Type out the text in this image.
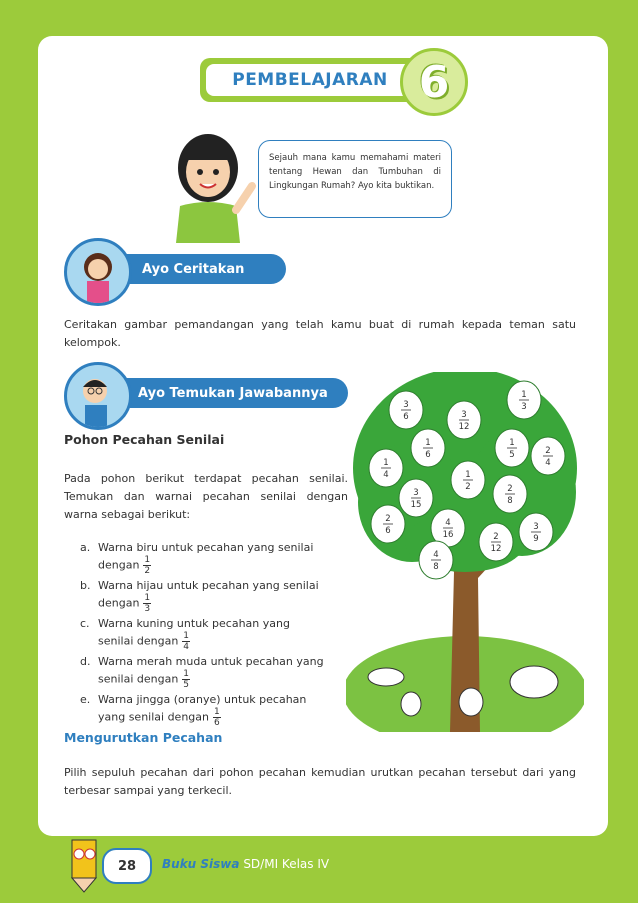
PEMBELAJARAN 6
Sejauh mana kamu memahami materi tentang Hewan dan Tumbuhan di Lingkungan Rumah? Ayo kita buktikan.
Ayo Ceritakan
Ceritakan gambar pemandangan yang telah kamu buat di rumah kepada teman satu kelompok.
Ayo Temukan Jawabannya
Pohon Pecahan Senilai
Pada pohon berikut terdapat pecahan senilai. Temukan dan warnai pecahan senilai dengan warna sebagai berikut:
a. Warna biru untuk pecahan yang senilai
dengan $\frac{1}{2}$
b. Warna hijau untuk pecahan yang senilai
dengan $\frac{1}{3}$
c. Warna kuning untuk pecahan yang
senilai dengan $\frac{1}{4}$
d. Warna merah muda untuk pecahan yang
senilai dengan $\frac{1}{5}$
e. Warna jingga (oranye) untuk pecahan
yang senilai dengan $\frac{1}{6}$
3
6	3
12
1
3
1
6
1
5	2
4
1
4	1
2
3
15
2
8
2
6
4
16
3
9
2
12
4
8
Mengurutkan Pecahan
Pilih sepuluh pecahan dari pohon pecahan kemudian urutkan pecahan tersebut dari yang terbesar sampai yang terkecil.
28	Buku Siswa SD/MI Kelas IV
